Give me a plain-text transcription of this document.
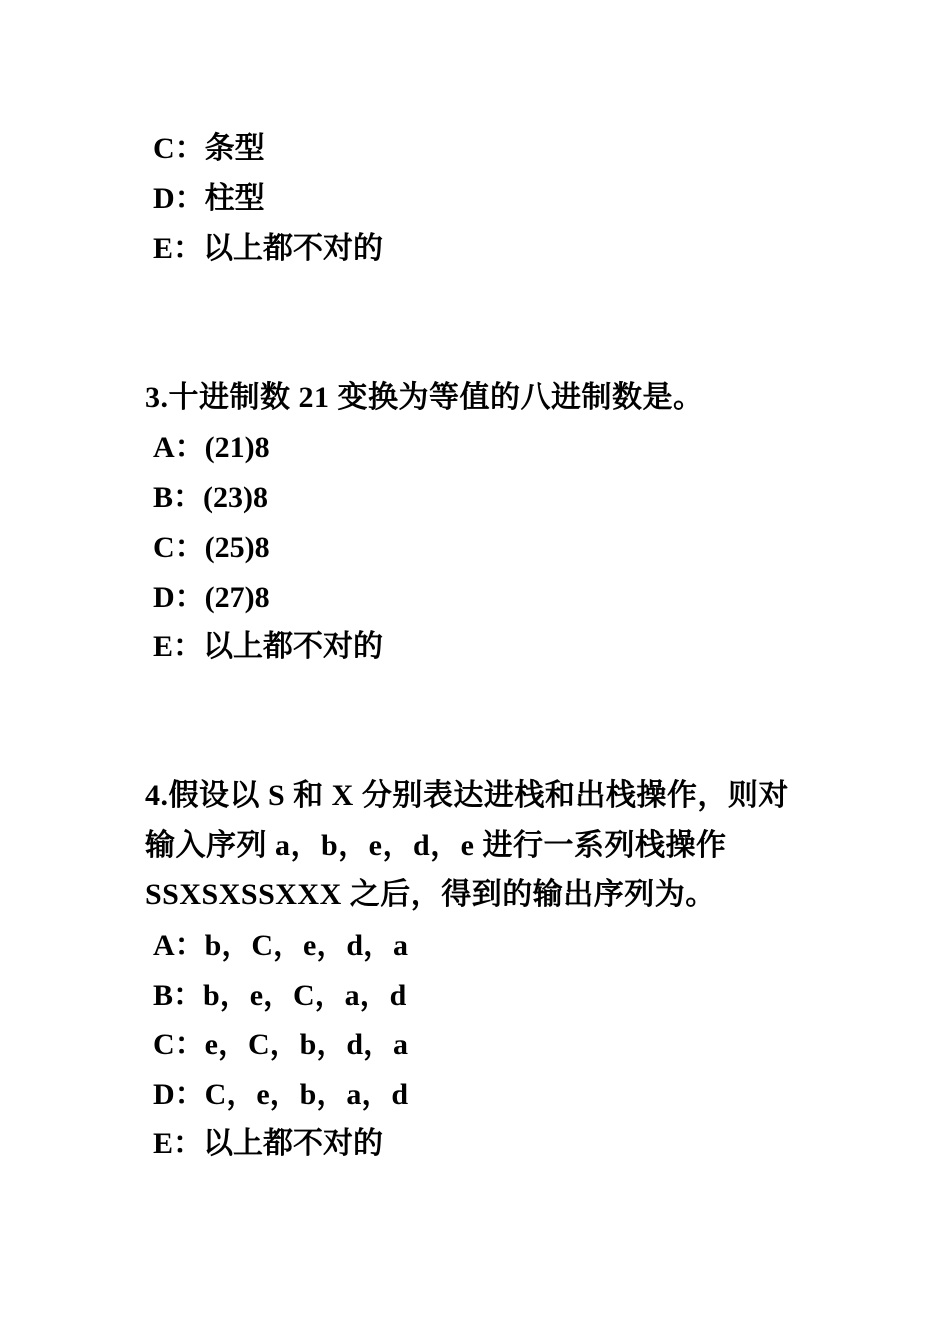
C：条型
D：柱型
E：以上都不对的
3.十进制数 21 变换为等值的八进制数是。
A：(21)8
B：(23)8
C：(25)8
D：(27)8
E：以上都不对的
4.假设以 S 和 X 分别表达进栈和出栈操作，则对输入序列 a，b，e，d，e 进行一系列栈操作 SSXSXSSXXX 之后，得到的输出序列为。
A：b，C，e，d，a
B：b，e，C，a，d
C：e，C，b，d，a
D：C，e，b，a，d
E：以上都不对的
